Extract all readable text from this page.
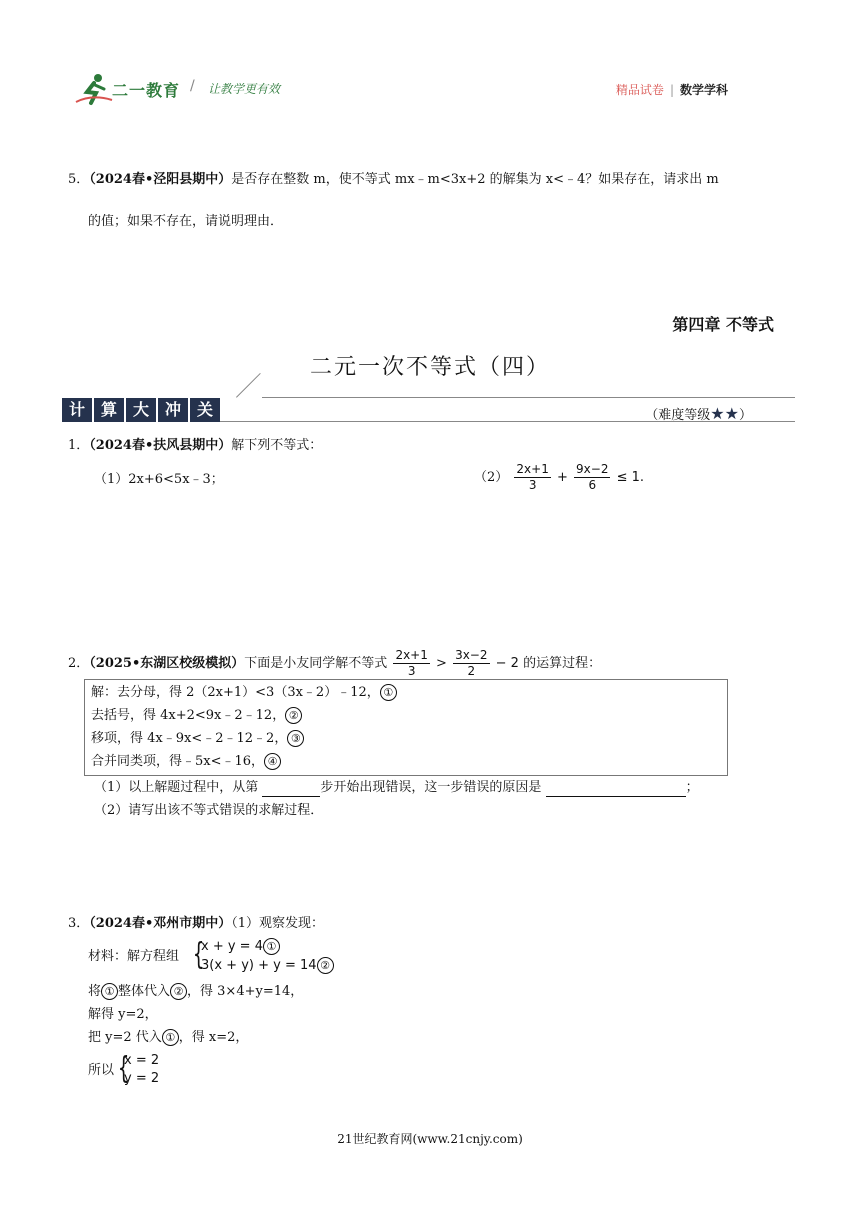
二一教育 / 让教学更有效	精品试卷 | 数学学科
5．（2024春•泾阳县期中）是否存在整数 m，使不等式 mx﹣m<3x+2 的解集为 x<﹣4？如果存在，请求出 m
的值；如果不存在，请说明理由．
第四章 不等式
二元一次不等式（四）
计 算 大 冲 关	（难度等级★★）
1．（2024春•扶风县期中）解下列不等式：
（1）2x+6<5x﹣3；	$(2) \frac{2x+1}{3} + \frac{9x-2}{6} \le 1$.
2．（2025•东湖区校级模拟）下面是小友同学解不等式 $\frac{2x+1}{3} > \frac{3x-2}{2} - 2$ 的运算过程：
解：去分母，得 2（2x+1）<3（3x﹣2）﹣12， ①
去括号，得 4x+2<9x﹣2﹣12， ②
移项，得 4x﹣9x<﹣2﹣12﹣2， ③
合并同类项，得﹣5x<﹣16， ④
（1）以上解题过程中，从第	步开始出现错误，这一步错误的原因是	；
（2）请写出该不等式错误的求解过程．
3．（2024春•邓州市期中）（1）观察发现：
材料：解方程组 {
x + y = 4 ①
3(x + y) + y = 14 ②
将 ① 整体代入 ② ，得 3×4+y=14，
解得 y=2，
把 y=2 代入 ① ，得 x=2，
所以 {
x = 2
y = 2
21世纪教育网(www.21cnjy.com)
